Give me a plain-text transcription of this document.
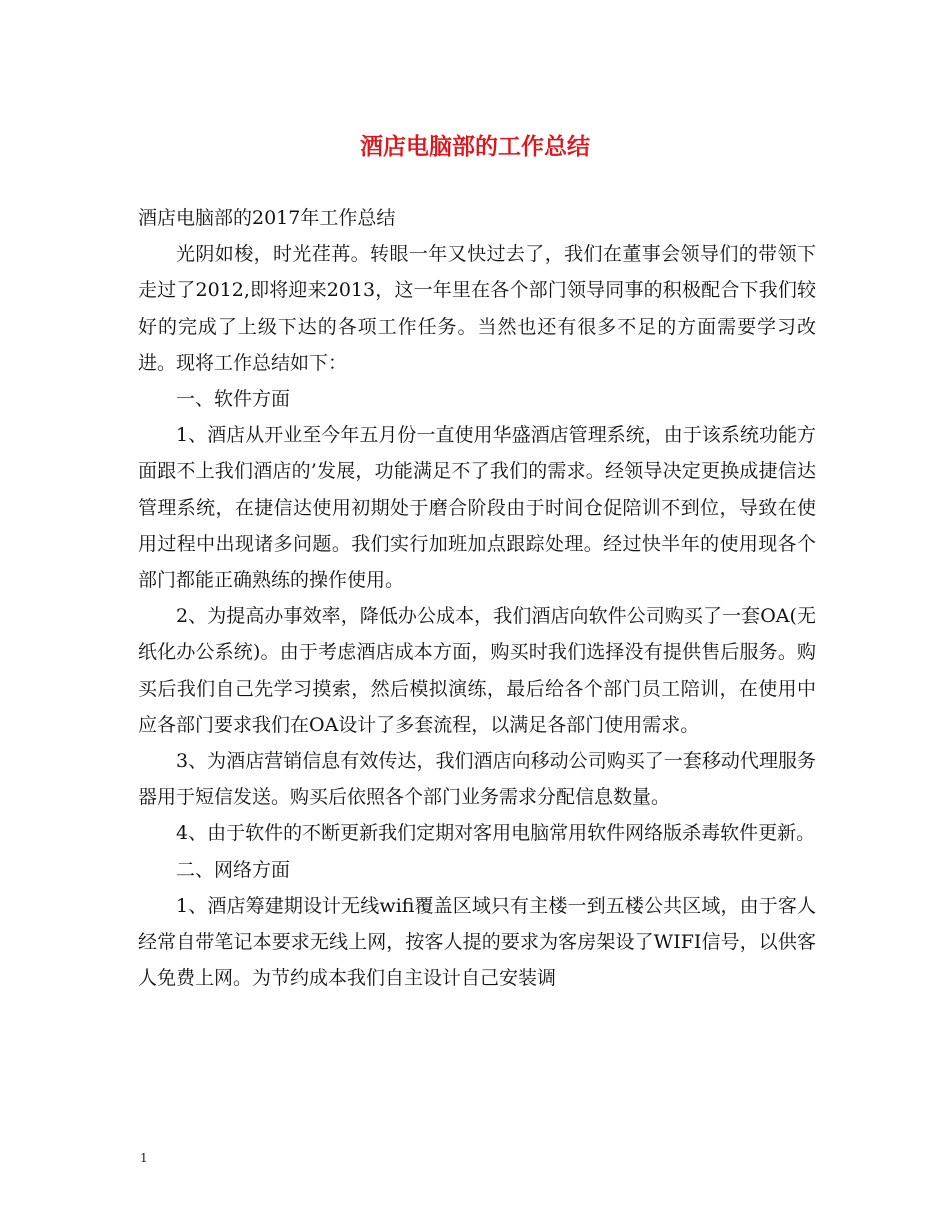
酒店电脑部的工作总结

酒店电脑部的2017年工作总结

光阴如梭，时光荏苒。转眼一年又快过去了，我们在董事会领导们的带领下走过了2012,即将迎来2013，这一年里在各个部门领导同事的积极配合下我们较好的完成了上级下达的各项工作任务。当然也还有很多不足的方面需要学习改进。现将工作总结如下：

一、软件方面

1、酒店从开业至今年五月份一直使用华盛酒店管理系统，由于该系统功能方面跟不上我们酒店的’发展，功能满足不了我们的需求。经领导决定更换成捷信达管理系统，在捷信达使用初期处于磨合阶段由于时间仓促陪训不到位，导致在使用过程中出现诸多问题。我们实行加班加点跟踪处理。经过快半年的使用现各个部门都能正确熟练的操作使用。

2、为提高办事效率，降低办公成本，我们酒店向软件公司购买了一套OA(无纸化办公系统)。由于考虑酒店成本方面，购买时我们选择没有提供售后服务。购买后我们自己先学习摸索，然后模拟演练，最后给各个部门员工陪训，在使用中应各部门要求我们在OA设计了多套流程，以满足各部门使用需求。

3、为酒店营销信息有效传达，我们酒店向移动公司购买了一套移动代理服务器用于短信发送。购买后依照各个部门业务需求分配信息数量。

4、由于软件的不断更新我们定期对客用电脑常用软件网络版杀毒软件更新。

二、网络方面

1、酒店筹建期设计无线wifi覆盖区域只有主楼一到五楼公共区域，由于客人经常自带笔记本要求无线上网，按客人提的要求为客房架设了WIFI信号，以供客人免费上网。为节约成本我们自主设计自己安装调

1
